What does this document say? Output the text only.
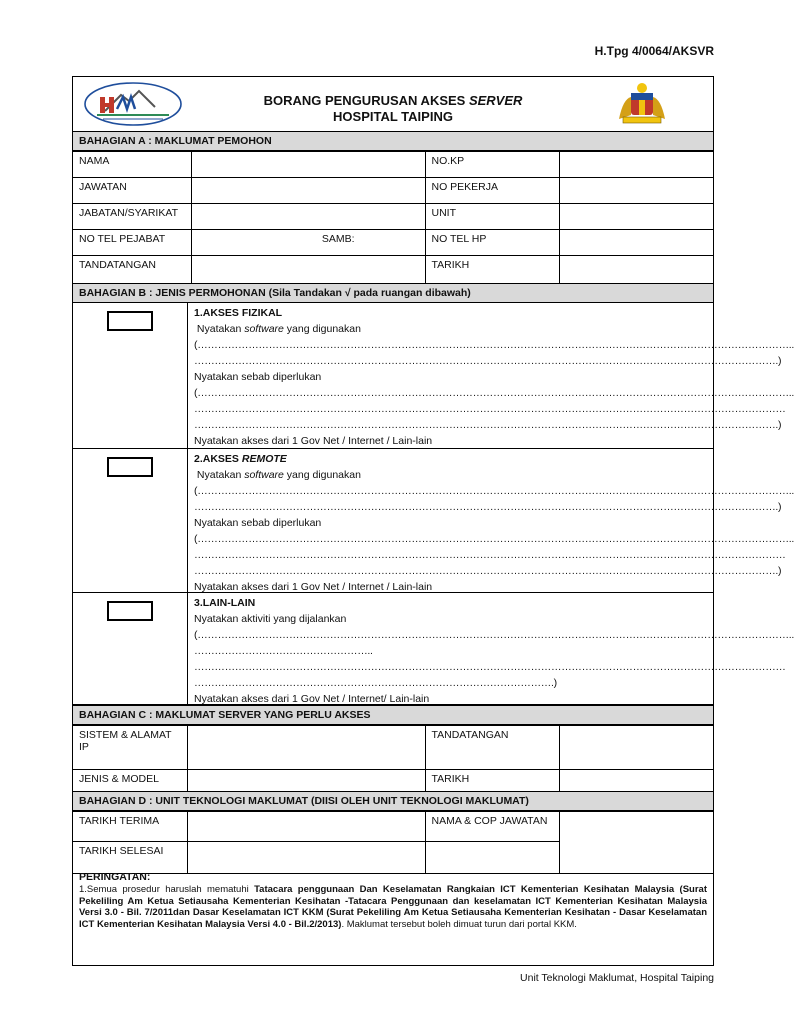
H.Tpg 4/0064/AKSVR
BORANG PENGURUSAN AKSES SERVER
HOSPITAL TAIPING
BAHAGIAN A : MAKLUMAT PEMOHON
NAMA		NO.KP	
JAWATAN		NO PEKERJA	
JABATAN/SYARIKAT		UNIT	
NO TEL PEJABAT	SAMB:	NO TEL HP	
TANDATANGAN		TARIKH	
BAHAGIAN B : JENIS PERMOHONAN (Sila Tandakan √ pada ruangan dibawah)
1.AKSES FIZIKAL
Nyatakan software yang digunakan
(…………………………………………………………………………………………………………………………………………………………..
……………………………………………………………………………………………………………………………………………………….)
Nyatakan sebab diperlukan
(…………………………………………………………………………………………………………………………………………………………..
…………………………………………………………………………………………………………………………………………………………
……………………………………………………………………………………………………………………………………………………….)
Nyatakan akses dari 1 Gov Net / Internet / Lain-lain
2.AKSES REMOTE
Nyatakan software yang digunakan
(…………………………………………………………………………………………………………………………………………………………..
……………………………………………………………………………………………………………………………………………………….)
Nyatakan sebab diperlukan
(…………………………………………………………………………………………………………………………………………………………..
…………………………………………………………………………………………………………………………………………………………
……………………………………………………………………………………………………………………………………………………….)
Nyatakan akses dari 1 Gov Net / Internet / Lain-lain
3.LAIN-LAIN
Nyatakan aktiviti yang dijalankan
(…………………………………………………………………………………………………………………………………………………………..
……………………………………………..
…………………………………………………………………………………………………………………………………………………………
…………………………………………………………………………………………….)
Nyatakan akses dari 1 Gov Net / Internet/ Lain-lain
BAHAGIAN C : MAKLUMAT SERVER YANG PERLU AKSES
SISTEM & ALAMAT IP		TANDATANGAN	
JENIS & MODEL		TARIKH	
BAHAGIAN D : UNIT TEKNOLOGI MAKLUMAT (DIISI OLEH UNIT TEKNOLOGI MAKLUMAT)
TARIKH TERIMA		NAMA & COP JAWATAN	
TARIKH SELESAI			
PERINGATAN:

1.Semua prosedur haruslah mematuhi Tatacara penggunaan Dan Keselamatan Rangkaian ICT Kementerian Kesihatan Malaysia (Surat Pekeliling Am Ketua Setiausaha Kementerian Kesihatan -Tatacara Penggunaan dan keselamatan ICT Kementerian Kesihatan Malaysia Versi 3.0 - Bil. 7/2011dan Dasar Keselamatan ICT KKM (Surat Pekeliling Am Ketua Setiausaha Kementerian Kesihatan - Dasar Keselamatan ICT Kementerian Kesihatan Malaysia Versi 4.0 - Bil.2/2013). Maklumat tersebut boleh dimuat turun dari portal KKM.

Unit Teknologi Maklumat, Hospital Taiping
